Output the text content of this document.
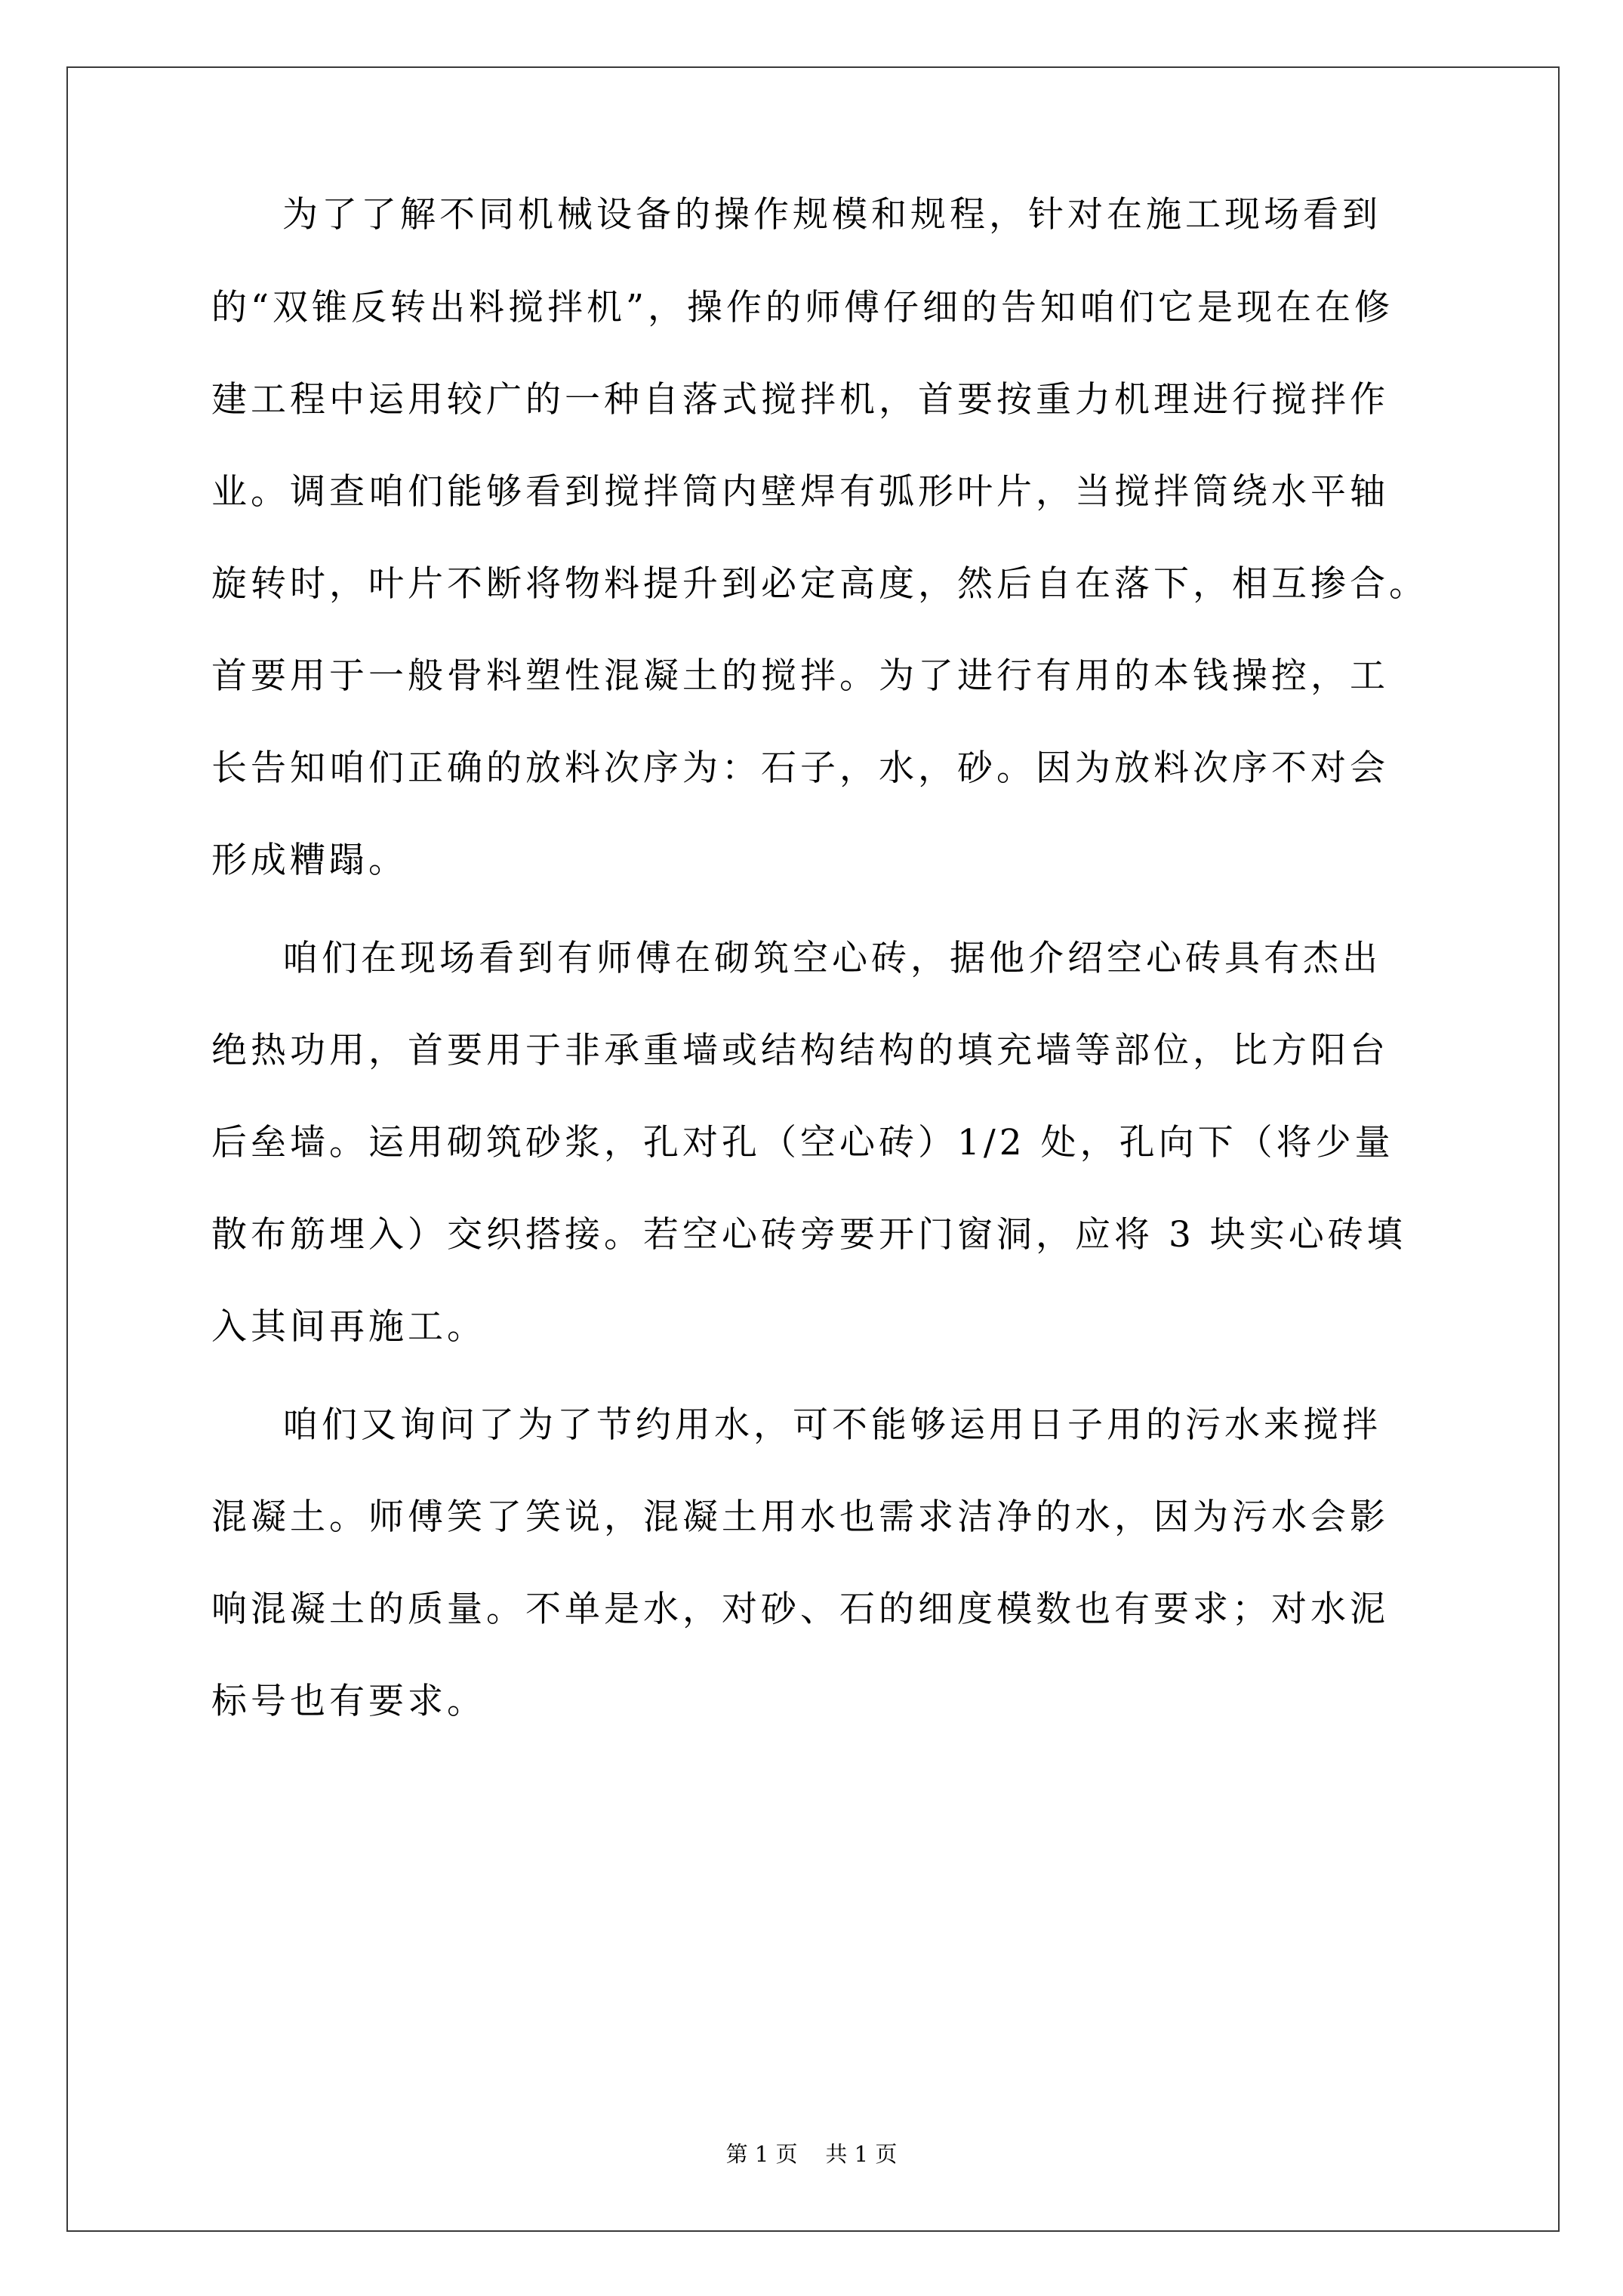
为了了解不同机械设备的操作规模和规程，针对在施工现场看到
的“双锥反转出料搅拌机”，操作的师傅仔细的告知咱们它是现在在修
建工程中运用较广的一种自落式搅拌机，首要按重力机理进行搅拌作
业。调查咱们能够看到搅拌筒内壁焊有弧形叶片，当搅拌筒绕水平轴
旋转时，叶片不断将物料提升到必定高度，然后自在落下，相互掺合。
首要用于一般骨料塑性混凝土的搅拌。为了进行有用的本钱操控，工
长告知咱们正确的放料次序为：石子，水，砂。因为放料次序不对会
形成糟蹋。
咱们在现场看到有师傅在砌筑空心砖，据他介绍空心砖具有杰出
绝热功用，首要用于非承重墙或结构结构的填充墙等部位，比方阳台
后垒墙。运用砌筑砂浆，孔对孔（空心砖）1/2 处，孔向下（将少量
散布筋埋入）交织搭接。若空心砖旁要开门窗洞，应将 3 块实心砖填
入其间再施工。
咱们又询问了为了节约用水，可不能够运用日子用的污水来搅拌
混凝土。师傅笑了笑说，混凝土用水也需求洁净的水，因为污水会影
响混凝土的质量。不单是水，对砂、石的细度模数也有要求；对水泥
标号也有要求。
第 1 页    共 1 页
